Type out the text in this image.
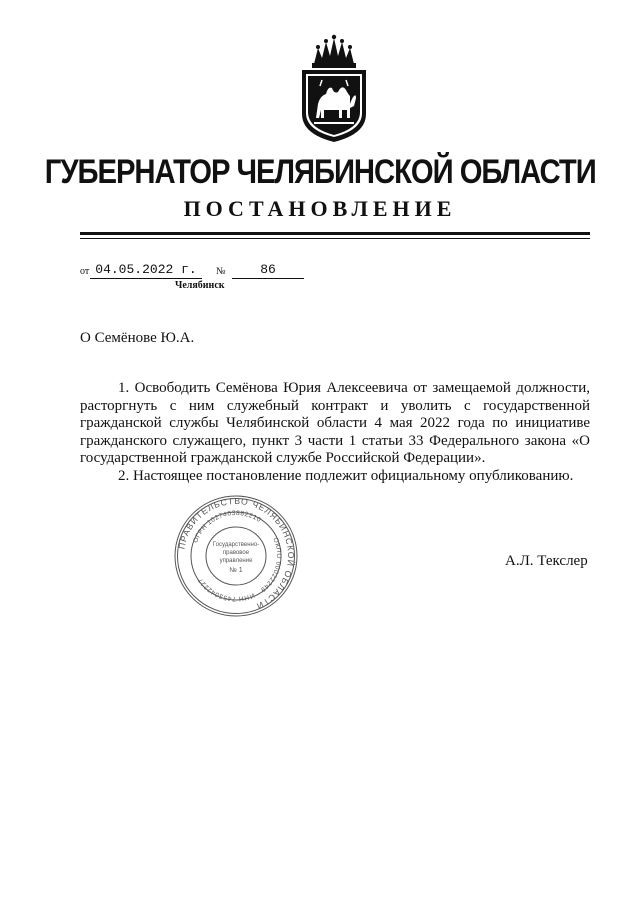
ГУБЕРНАТОР ЧЕЛЯБИНСКОЙ ОБЛАСТИ
ПОСТАНОВЛЕНИЕ
от 04.05.2022 г.	№	86
Челябинск
О Семёнове Ю.А.

1. Освободить Семёнова Юрия Алексеевича от замещаемой должности, расторгнуть с ним служебный контракт и уволить с государственной гражданской службы Челябинской области 4 мая 2022 года по инициативе гражданского служащего, пункт 3 части 1 статьи 33 Федерального закона «О государственной гражданской службе Российской Федерации».

2. Настоящее постановление подлежит официальному опубликованию.

ПРАВИТЕЛЬСТВО ЧЕЛЯБИНСКОЙ ОБЛАСТИ
ОГРН 1027403882210
ОКПО 00022249
ИНН 7453042227
Государственно-
правовое
управление
№ 1
А.Л. Текслер
